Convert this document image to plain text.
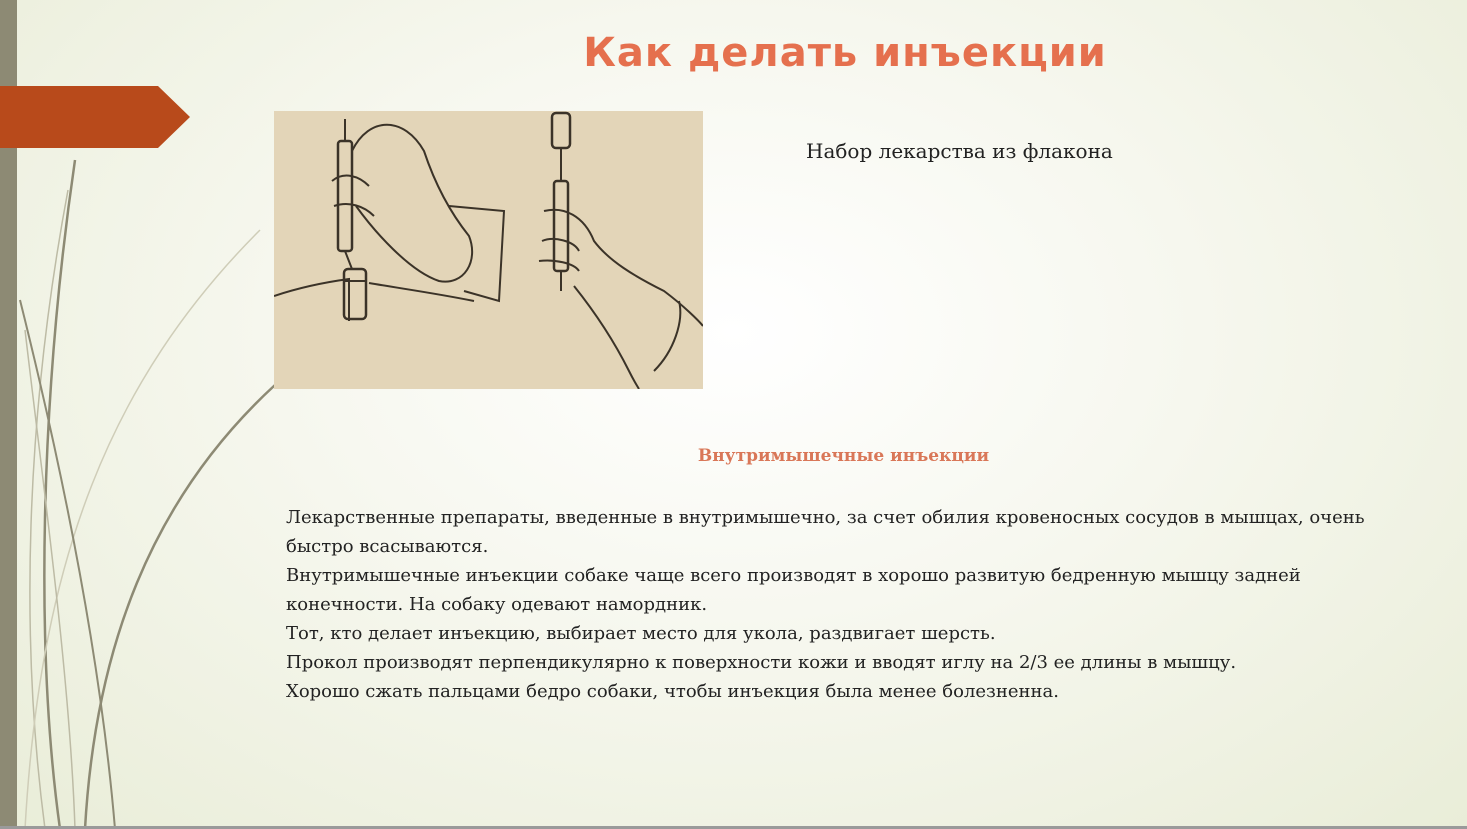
Как делать инъекции
Набор лекарства из флакона
Внутримышечные инъекции

Лекарственные препараты, введенные в внутримышечно, за счет обилия кровеносных сосудов в мышцах, очень быстро всасываются.

Внутримышечные инъекции собаке чаще всего производят в хорошо развитую бедренную мышцу задней конечности. На собаку одевают намордник.

Тот, кто делает инъекцию, выбирает место для укола, раздвигает шерсть.

Прокол производят перпендикулярно к поверхности кожи и вводят иглу на 2/3 ее длины в мышцу.

Хорошо сжать пальцами бедро собаки, чтобы инъекция была менее болезненна.
